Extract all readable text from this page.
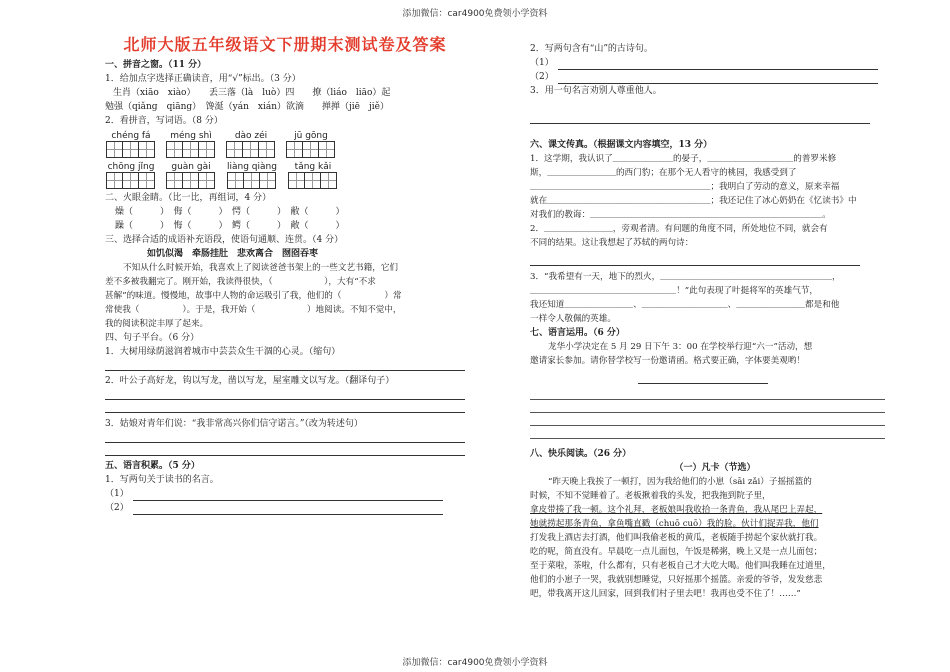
添加微信：car4900免费领小学资料
北师大版五年级语文下册期末测试卷及答案

一、拼音之窗。（11 分）

1．给加点字选择正确读音，用“√”标出。（3 分）

生肖（xiāo　xiào）　　丢三落（là　luò）四　　撩（liáo　liāo）起

勉强（qiǎng　qiāng）　馋涎（yán　xián）欲滴　　掸掸（jiē　jiě）

2．看拼音，写词语。（8 分）

chéng fá méng shì	dào zéi	jū gōng
chōng jǐng guàn gài liàng qiàng tǎng kǎi

二、火眼金睛。（比一比，再组词，4 分）

燥（　　　）　侮（　　　）　愕（　　　）　敝（　　　）

躁（　　　）　悔（　　　）　鳄（　　　）　敞（　　　）

三、选择合适的成语补充语段，使语句通顺、连贯。（4 分）

如饥似渴　牵肠挂肚　悲欢离合　囫囵吞枣

不知从什么时候开始，我喜欢上了阅读爸爸书架上的一些文艺书籍，它们

差不多被我翻完了。刚开始，我读得很快，（　　　　　　），大有“不求

甚解”的味道。慢慢地，故事中人物的命运吸引了我，他们的（　　　　　）常

常使我（　　　　　）。于是，我开始（　　　　　　）地阅读。不知不觉中，

我的阅读积淀丰厚了起来。

四、句子平台。（6 分）

1．大树用绿荫滋润着城市中芸芸众生干涸的心灵。（缩句）

2．叶公子高好龙，钩以写龙，凿以写龙，屋室雕文以写龙。（翻译句子）

3．姑娘对青年们说：“我非常高兴你们信守诺言。”（改为转述句）

五、语言积累。（5 分）

1．写两句关于读书的名言。

（1）
（2）

2．写两句含有“山”的古诗句。

（1）
（2）

3．用一句名言劝别人尊重他人。

六、课文传真。（根据课文内容填空，13 分）

1．这学期，我认识了＿＿＿＿＿＿＿的晏子，＿＿＿＿＿＿＿＿＿＿的普罗米修

斯，＿＿＿＿＿＿＿＿的西门豹；在那个无人看守的桃园，我感受到了

＿＿＿＿＿＿＿＿＿＿＿＿＿＿＿＿＿＿＿＿＿；我明白了劳动的意义，原来幸福

就在＿＿＿＿＿＿＿＿＿＿＿＿＿＿＿＿＿＿＿；我还记住了冰心奶奶在《忆读书》中

对我们的教诲：＿＿＿＿＿＿＿＿＿＿＿＿＿＿＿＿＿＿＿＿＿＿＿＿＿＿＿。

2．＿＿＿＿＿＿＿＿，旁观者清。有问题的角度不同，所处地位不同，就会有

不同的结果。这让我想起了苏轼的两句诗：

3．“我希望有一天，地下的烈火，＿＿＿＿＿＿＿＿＿＿＿＿＿＿＿＿＿＿＿＿，

＿＿＿＿＿＿＿＿＿＿＿＿＿＿＿＿＿！”此句表现了叶挺将军的英雄气节，

我还知道＿＿＿＿＿＿＿＿、＿＿＿＿＿＿＿＿＿＿、＿＿＿＿＿＿＿＿都是和他

一样令人敬佩的英雄。

七、语言运用。（6 分）

龙华小学决定在 5 月 29 日下午 3：00 在学校举行迎“六一”活动，想

邀请家长参加。请你替学校写一份邀请函。格式要正确，字体要美观哟！

八、快乐阅读。（26 分）

（一）凡卡（节选）

“昨天晚上我挨了一顿打，因为我给他们的小崽（sāi zǎi）子摇摇篮的

时候，不知不觉睡着了。老板揪着我的头发，把我拖到院子里，

拿皮带揍了我一顿。这个礼拜，老板娘叫我收拾一条青鱼，我从尾巴上弄起，

她就捞起那条青鱼，拿鱼嘴直戳（chuō cuō）我的脸。伙计们捉弄我，他们

打发我上酒店去打酒，他们叫我偷老板的黄瓜，老板随手捞起个家伙就打我。

吃的呢，简直没有。早晨吃一点儿面包，午饭是稀粥，晚上又是一点儿面包；

至于菜啦，茶啦，什么都有，只有老板自己才大吃大喝。他们叫我睡在过道里，

他们的小崽子一哭，我就别想睡觉，只好摇那个摇篮。亲爱的爷爷，发发慈悲

吧，带我离开这儿回家，回到我们村子里去吧！我再也受不住了！……”

添加微信：car4900免费领小学资料
